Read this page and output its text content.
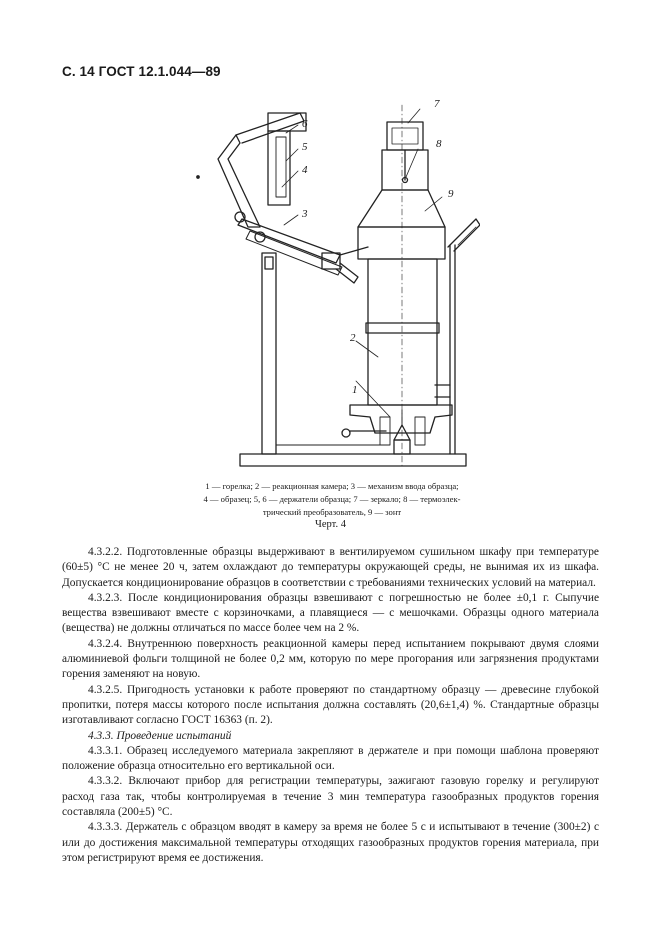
С. 14 ГОСТ 12.1.044—89
1
2
3
4
5
6
7
8
9
1 — горелка; 2 — реакционная камера; 3 — механизм ввода образца;
4 — образец; 5, 6 — держатели образца; 7 — зеркало; 8 — термоэлек-
трический преобразователь, 9 — зонт
Черт. 4

4.3.2.2. Подготовленные образцы выдерживают в вентилируемом сушильном шкафу при температуре (60±5) °С не менее 20 ч, затем охлаждают до температуры окружающей среды, не вынимая их из шкафа. Допускается кондиционирование образцов в соответствии с требованиями технических условий на материал.

4.3.2.3. После кондиционирования образцы взвешивают с погрешностью не более ±0,1 г. Сыпучие вещества взвешивают вместе с корзиночками, а плавящиеся — с мешочками. Образцы одного материала (вещества) не должны отличаться по массе более чем на 2 %.

4.3.2.4. Внутреннюю поверхность реакционной камеры перед испытанием покрывают двумя слоями алюминиевой фольги толщиной не более 0,2 мм, которую по мере прогорания или загрязнения продуктами горения заменяют на новую.

4.3.2.5. Пригодность установки к работе проверяют по стандартному образцу — древесине глубокой пропитки, потеря массы которого после испытания должна составлять (20,6±1,4) %. Стандартные образцы изготавливают согласно ГОСТ 16363 (п. 2).

4.3.3. Проведение испытаний

4.3.3.1. Образец исследуемого материала закрепляют в держателе и при помощи шаблона проверяют положение образца относительно его вертикальной оси.

4.3.3.2. Включают прибор для регистрации температуры, зажигают газовую горелку и регулируют расход газа так, чтобы контролируемая в течение 3 мин температура газообразных продуктов горения составляла (200±5) °С.

4.3.3.3. Держатель с образцом вводят в камеру за время не более 5 с и испытывают в течение (300±2) с или до достижения максимальной температуры отходящих газообразных продуктов горения материала, при этом регистрируют время ее достижения.
